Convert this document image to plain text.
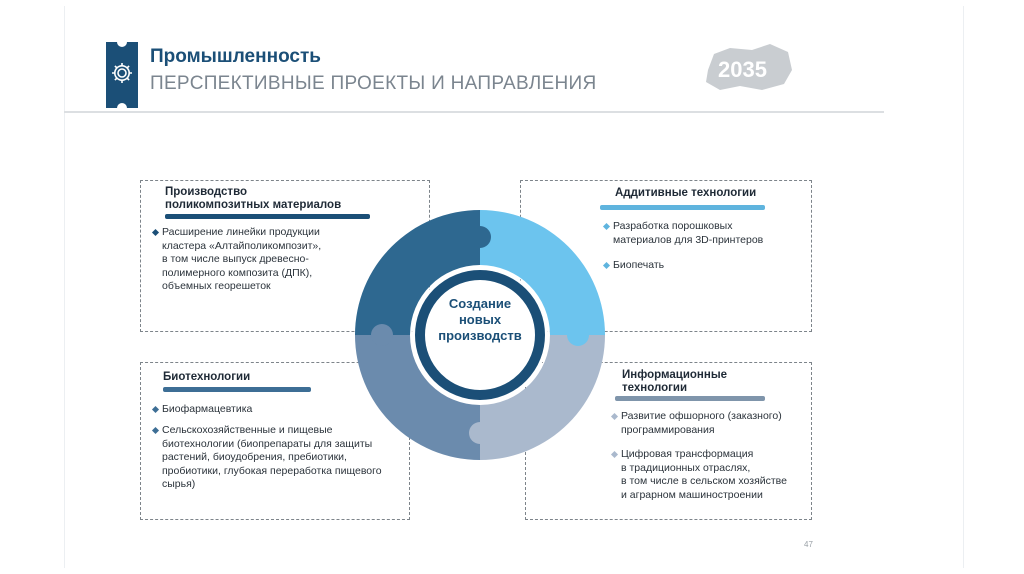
Промышленность
ПЕРСПЕКТИВНЫЕ ПРОЕКТЫ И НАПРАВЛЕНИЯ
2035
Производство
поликомпозитных материалов
Расширение линейки продукции
кластера «Алтайполикомпозит»,
в том числе выпуск древесно-
полимерного композита (ДПК),
объемных георешеток
Аддитивные технологии
Разработка порошковых
материалов для 3D-принтеров
Биопечать
Биотехнологии
Биофармацевтика
Сельскохозяйственные и пищевые
биотехнологии (биопрепараты для защиты
растений, биоудобрения, пребиотики,
пробиотики, глубокая переработка пищевого
сырья)
Информационные
технологии
Развитие офшорного (заказного)
программирования
Цифровая трансформация
в традиционных отраслях,
в том числе в сельском хозяйстве
и аграрном машиностроении
Создание
новых
производств
47
